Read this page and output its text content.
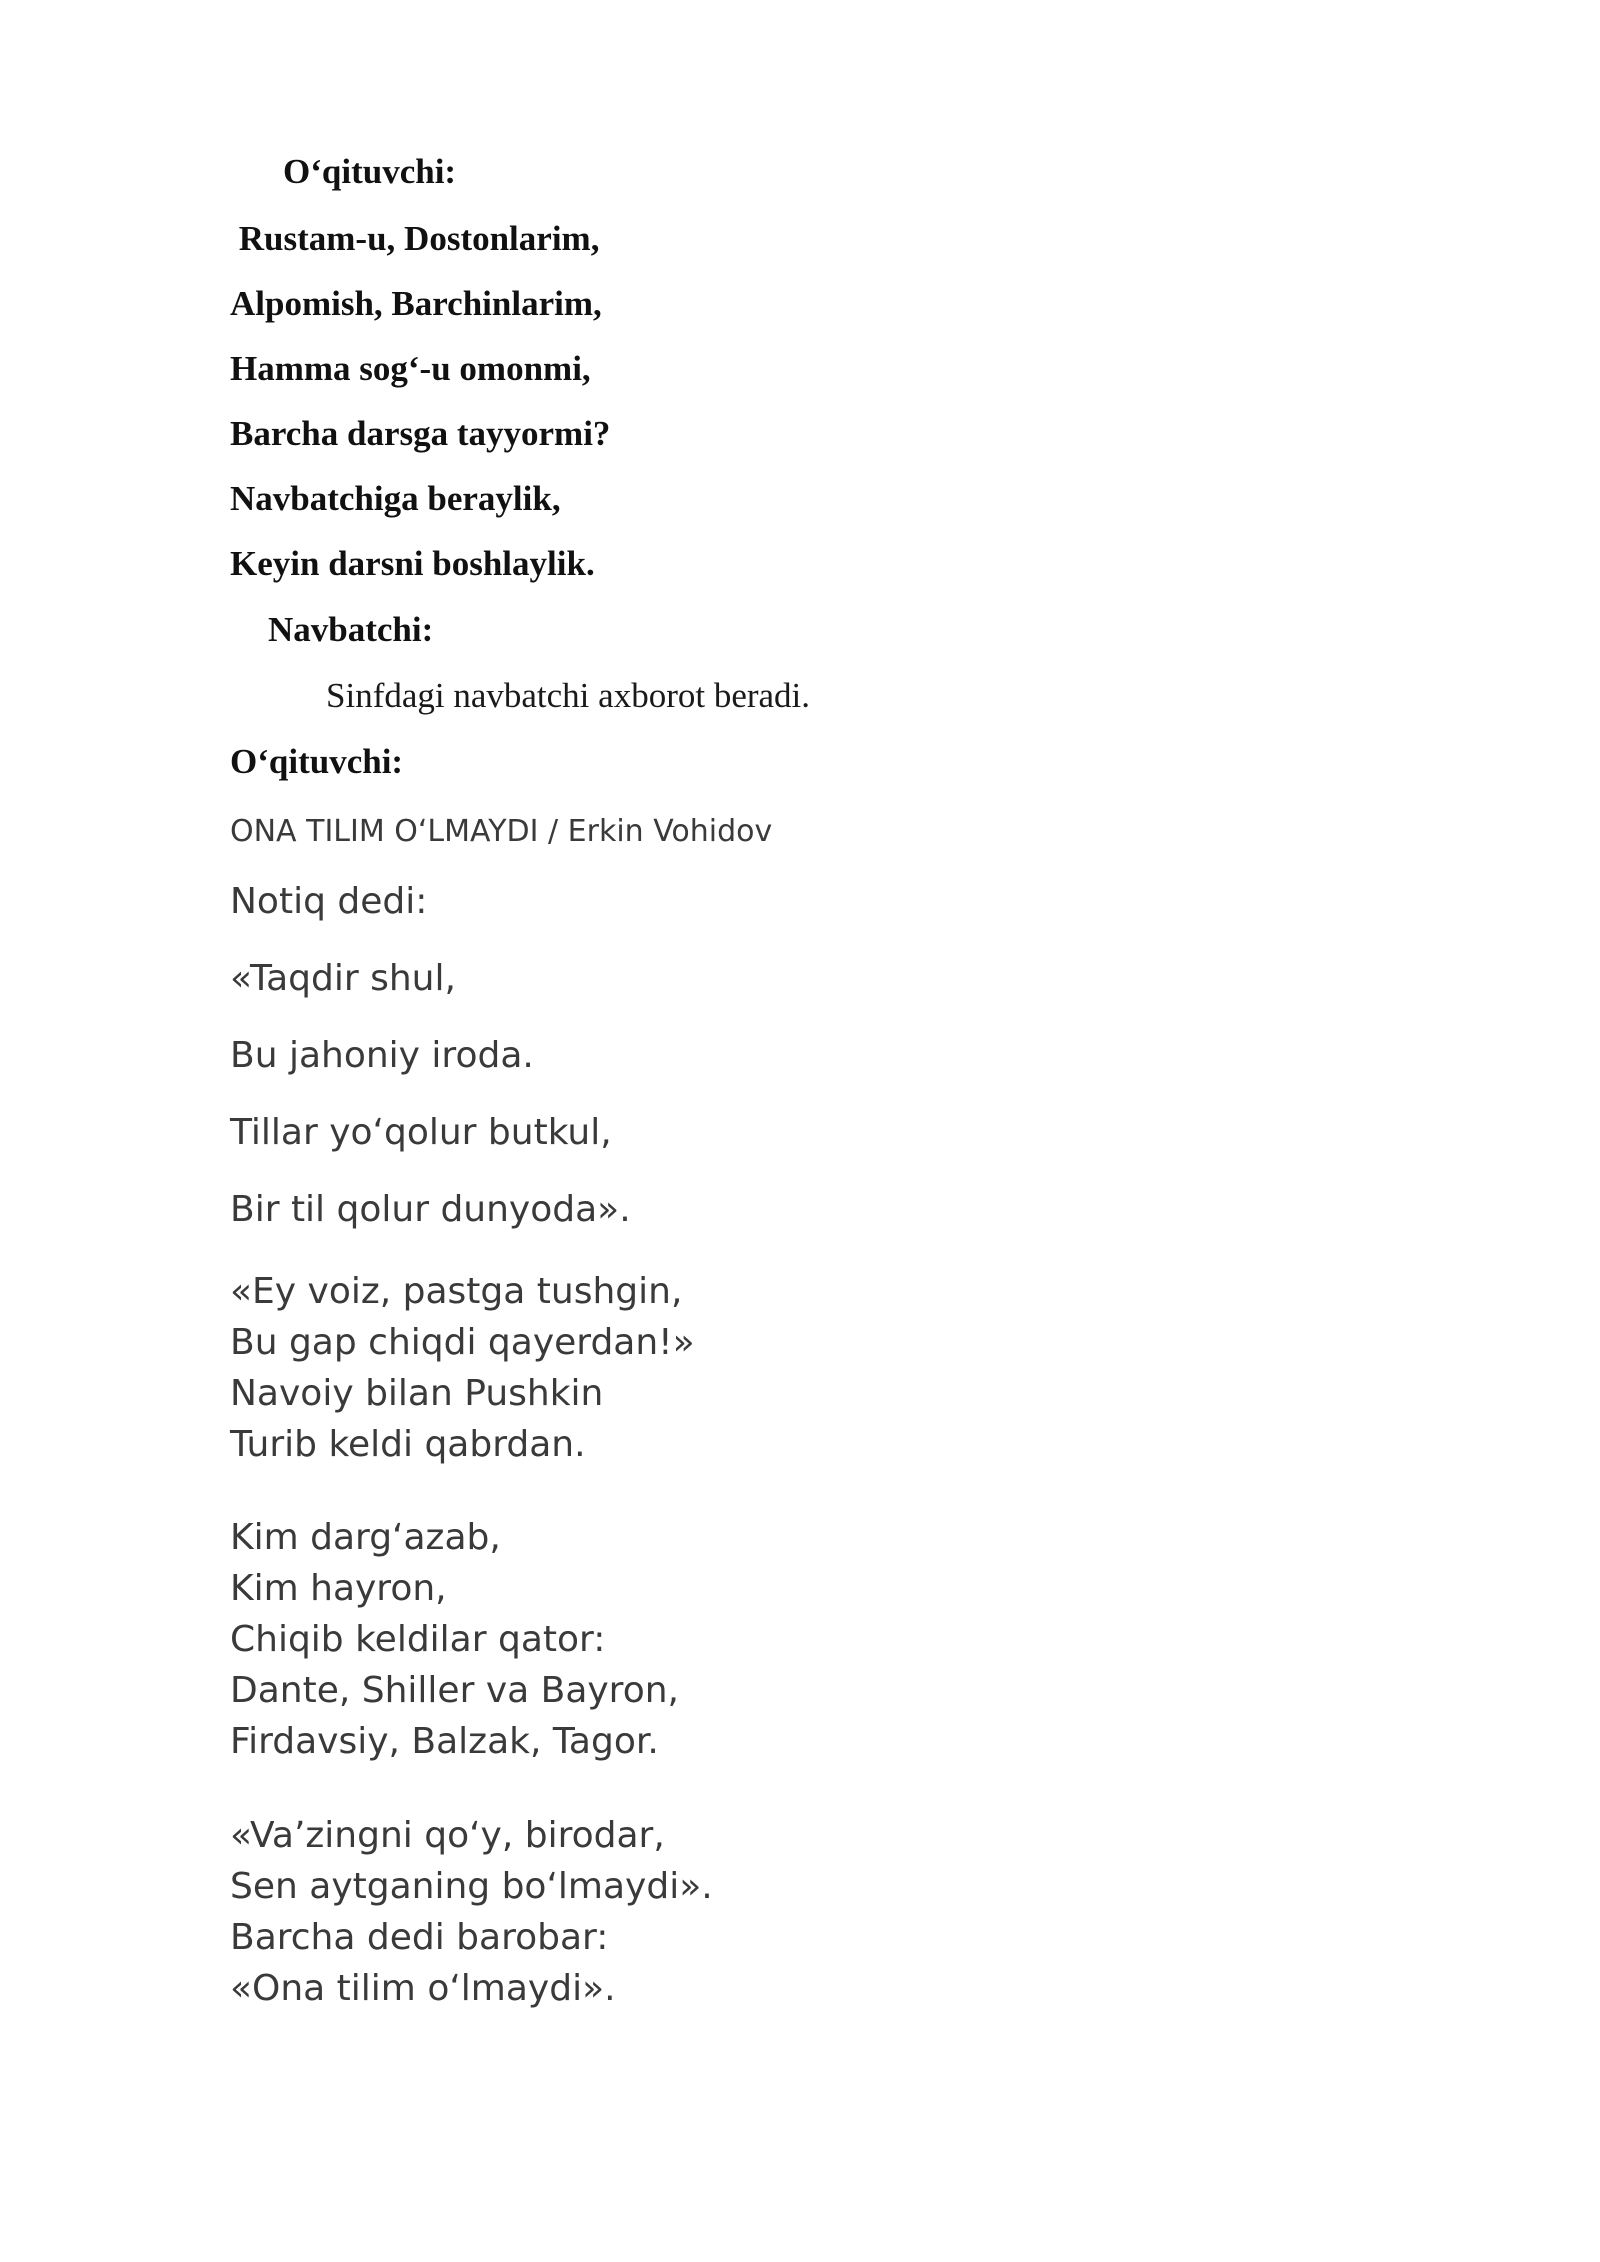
O‘qituvchi:
Rustam-u, Dostonlarim,
Alpomish, Barchinlarim,
Hamma sog‘-u omonmi,
Barcha darsga tayyormi?
Navbatchiga beraylik,
Keyin darsni boshlaylik.
Navbatchi:
Sinfdagi navbatchi axborot beradi.
O‘qituvchi:
ONA TILIM O‘LMAYDI / Erkin Vohidov
Notiq dedi:
«Taqdir shul,
Bu jahoniy iroda.
Tillar yo‘qolur butkul,
Bir til qolur dunyoda».
«Ey voiz, pastga tushgin,
Bu gap chiqdi qayerdan!»
Navoiy bilan Pushkin
Turib keldi qabrdan.
Kim darg‘azab,
Kim hayron,
Chiqib keldilar qator:
Dante, Shiller va Bayron,
Firdavsiy, Balzak, Tagor.
«Va’zingni qo‘y, birodar,
Sen aytganing bo‘lmaydi».
Barcha dedi barobar:
«Ona tilim o‘lmaydi».
